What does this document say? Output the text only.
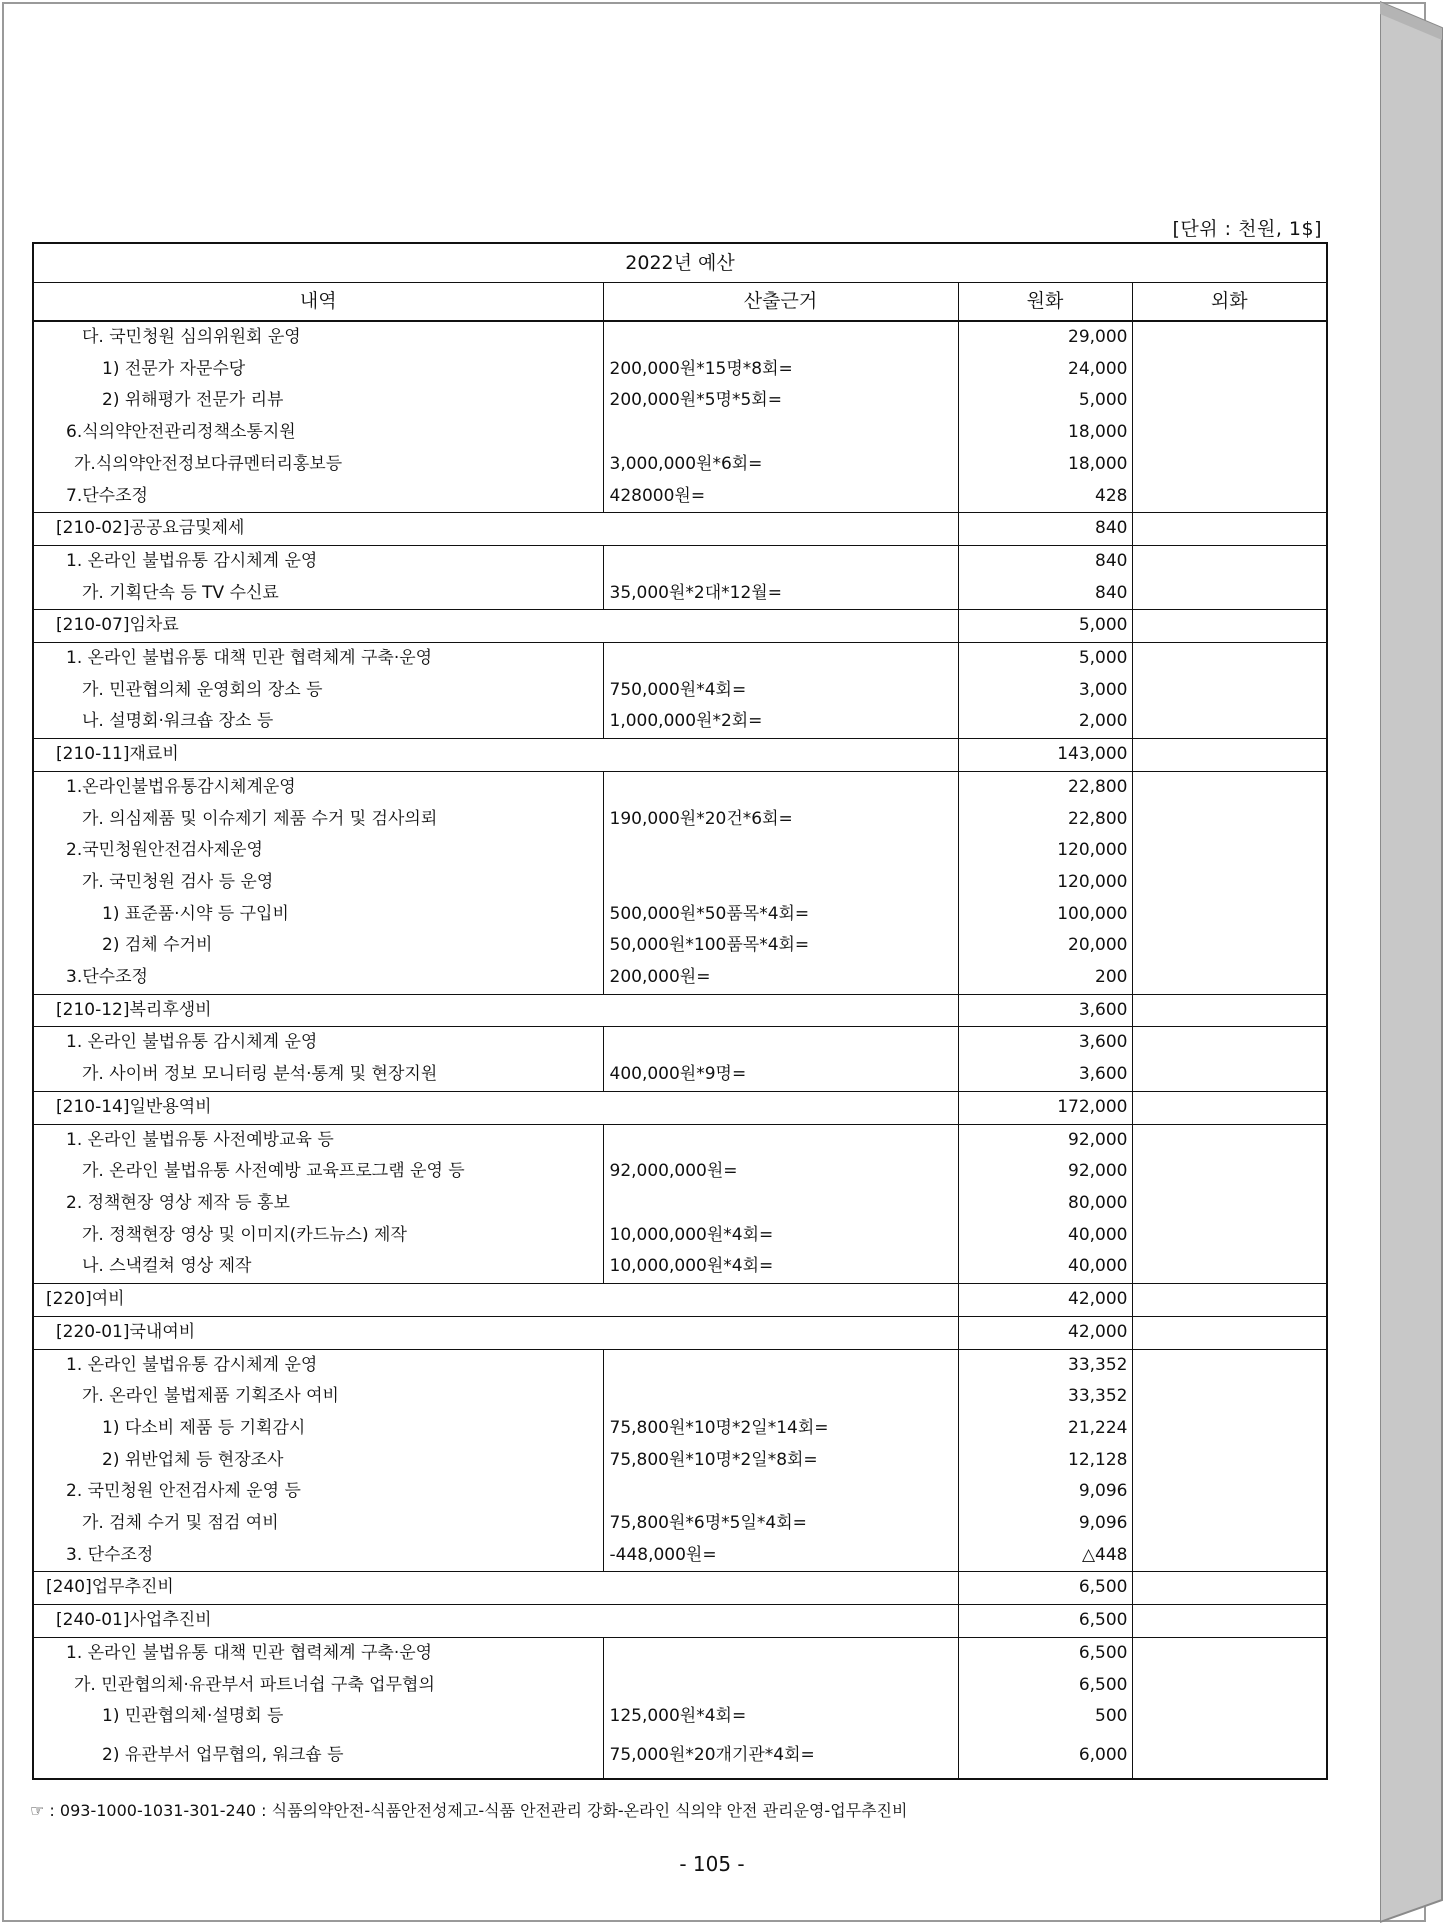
[단위 : 천원, 1$]
2022년 예산			
내역	산출근거	원화	외화
다. 국민청원 심의위원회 운영		29,000	
1) 전문가 자문수당	200,000원*15명*8회=	24,000	
2) 위해평가 전문가 리뷰	200,000원*5명*5회=	5,000	
6.식의약안전관리정책소통지원		18,000	
가.식의약안전정보다큐멘터리홍보등	3,000,000원*6회=	18,000	
7.단수조정	428000원=	428	
[210-02]공공요금및제세		840	
1. 온라인 불법유통 감시체계 운영		840	
가. 기획단속 등 TV 수신료	35,000원*2대*12월=	840	
[210-07]임차료		5,000	
1. 온라인 불법유통 대책 민관 협력체계 구축·운영		5,000	
가. 민관협의체 운영회의 장소 등	750,000원*4회=	3,000	
나. 설명회·워크숍 장소 등	1,000,000원*2회=	2,000	
[210-11]재료비		143,000	
1.온라인불법유통감시체계운영		22,800	
가. 의심제품 및 이슈제기 제품 수거 및 검사의뢰	190,000원*20건*6회=	22,800	
2.국민청원안전검사제운영		120,000	
가. 국민청원 검사 등 운영		120,000	
1) 표준품·시약 등 구입비	500,000원*50품목*4회=	100,000	
2) 검체 수거비	50,000원*100품목*4회=	20,000	
3.단수조정	200,000원=	200	
[210-12]복리후생비		3,600	
1. 온라인 불법유통 감시체계 운영		3,600	
가. 사이버 정보 모니터링 분석·통계 및 현장지원	400,000원*9명=	3,600	
[210-14]일반용역비		172,000	
1. 온라인 불법유통 사전예방교육 등		92,000	
가. 온라인 불법유통 사전예방 교육프로그램 운영 등	92,000,000원=	92,000	
2. 정책현장 영상 제작 등 홍보		80,000	
가. 정책현장 영상 및 이미지(카드뉴스) 제작	10,000,000원*4회=	40,000	
나. 스낵컬쳐 영상 제작	10,000,000원*4회=	40,000	
[220]여비		42,000	
[220-01]국내여비		42,000	
1. 온라인 불법유통 감시체계 운영		33,352	
가. 온라인 불법제품 기획조사 여비		33,352	
1) 다소비 제품 등 기획감시	75,800원*10명*2일*14회=	21,224	
2) 위반업체 등 현장조사	75,800원*10명*2일*8회=	12,128	
2. 국민청원 안전검사제 운영 등		9,096	
가. 검체 수거 및 점검 여비	75,800원*6명*5일*4회=	9,096	
3. 단수조정	-448,000원=	△448	
[240]업무추진비		6,500	
[240-01]사업추진비		6,500	
1. 온라인 불법유통 대책 민관 협력체계 구축·운영		6,500	
가. 민관협의체·유관부서 파트너쉽 구축 업무협의		6,500	
1) 민관협의체·설명회 등	125,000원*4회=	500	
2) 유관부서 업무협의, 워크숍 등	75,000원*20개기관*4회=	6,000	
☞ : 093-1000-1031-301-240 : 식품의약안전-식품안전성제고-식품 안전관리 강화-온라인 식의약 안전 관리운영-업무추진비
- 105 -
